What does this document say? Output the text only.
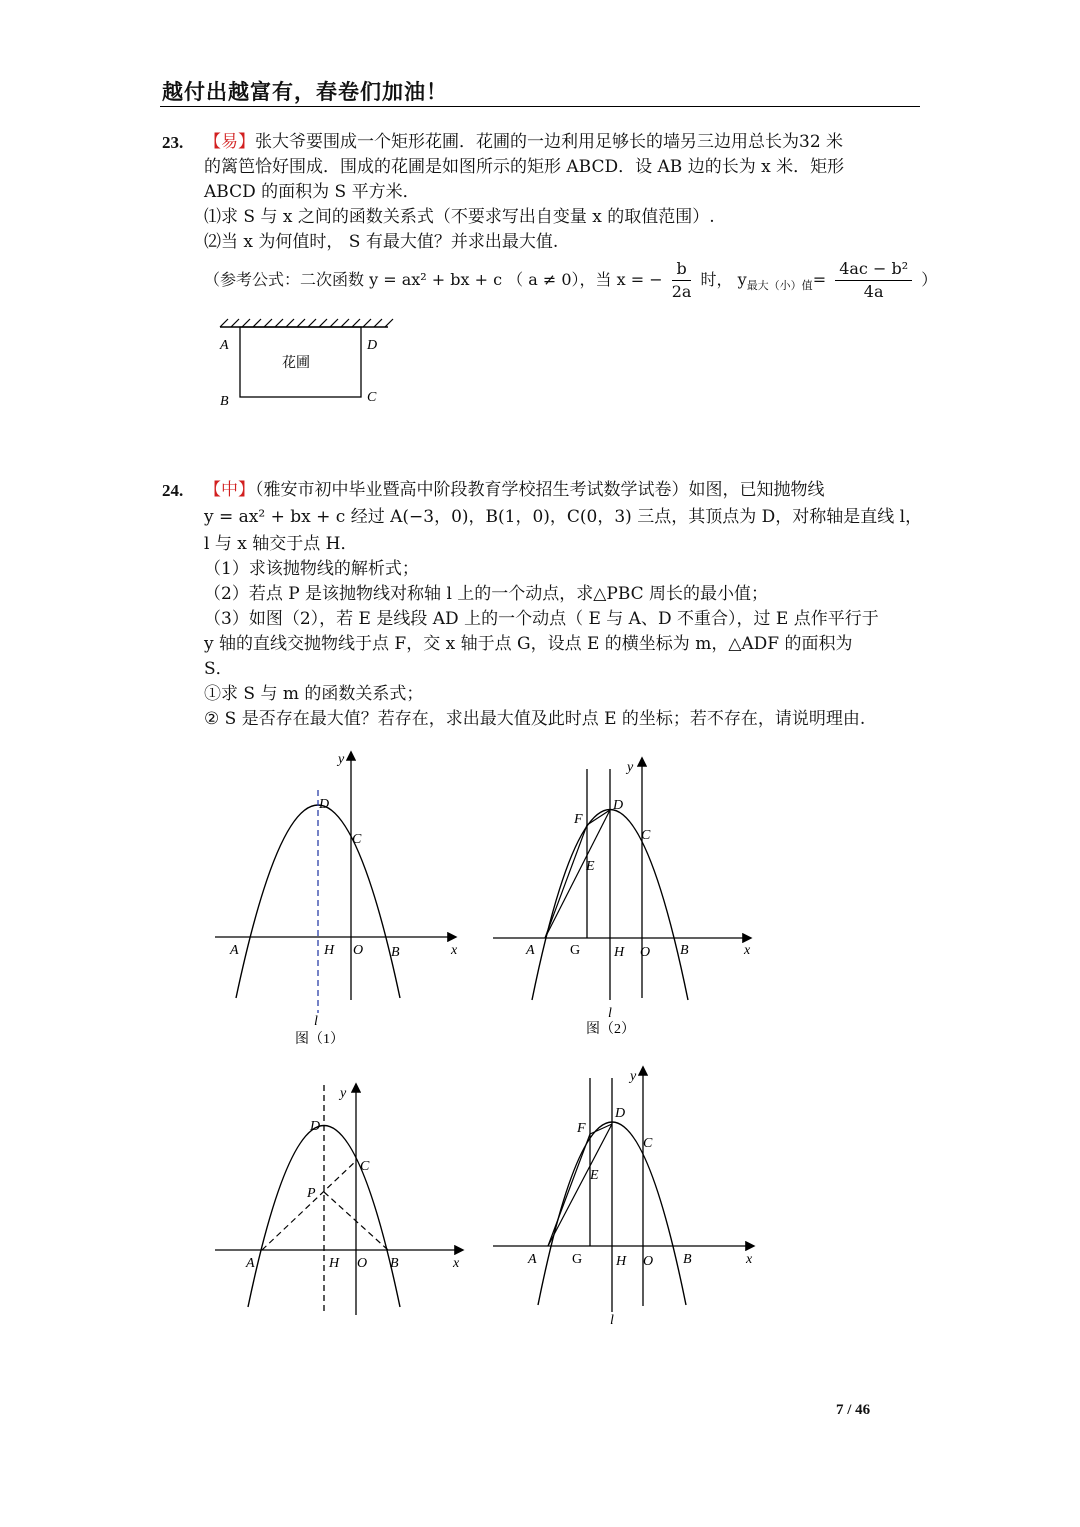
越付出越富有，春卷们加油！
23. 【易】张大爷要围成一个矩形花圃．花圃的一边利用足够长的墙另三边用总长为32 米
的篱笆恰好围成．围成的花圃是如图所示的矩形 ABCD．设 AB 边的长为 x 米．矩形
ABCD 的面积为 S 平方米．
⑴求 S 与 x 之间的函数关系式（不要求写出自变量 x 的取值范围）.
⑵当 x 为何值时， S 有最大值？并求出最大值.
（参考公式：二次函数 y = ax² + bx + c （ a ≠ 0），当 x = − $\frac{b}{2a}$ 时， $y_{最大(小)值}= \frac{\text{4ac − b²}}{4a}$ ）
花圃
A	D
B	C
24. 【中】（雅安市初中毕业暨高中阶段教育学校招生考试数学试卷）如图，已知抛物线
y = ax² + bx + c 经过 A(−3，0)，B(1，0)，C(0，3) 三点，其顶点为 D，对称轴是直线 l，
l 与 x 轴交于点 H．
（1）求该抛物线的解析式；
（2）若点 P 是该抛物线对称轴 l 上的一个动点，求△PBC 周长的最小值；
（3）如图（2），若 E 是线段 AD 上的一个动点（ E 与 A、D 不重合），过 E 点作平行于
y 轴的直线交抛物线于点 F，交 x 轴于点 G，设点 E 的横坐标为 m，△ADF 的面积为
S．
①求 S 与 m 的函数关系式；
② S 是否存在最大值？若存在，求出最大值及此时点 E 的坐标；若不存在，请说明理由.
A	H O B	x
y
D
C
l
图（1）
A	G H O B	x
y
D
F
E
C
l
图（2）
A	H O B	x
y
D
C
P
A	G H O B	x
y
D
F
E
C
l
7 / 46
